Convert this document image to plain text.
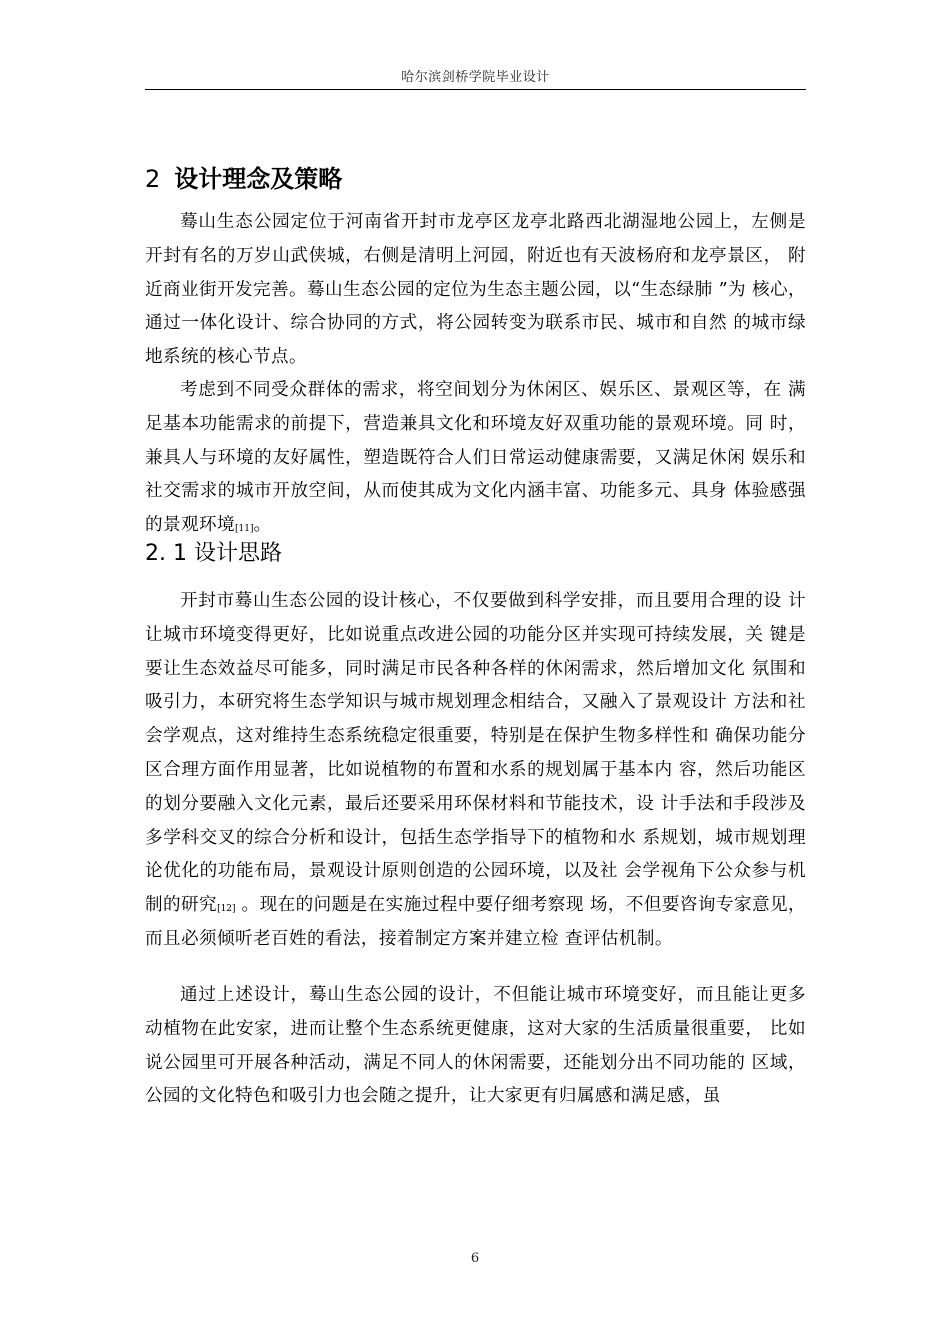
哈尔滨剑桥学院毕业设计
2 设计理念及策略

蓦山生态公园定位于河南省开封市龙亭区龙亭北路西北湖湿地公园上，左侧是开封有名的万岁山武侠城，右侧是清明上河园，附近也有天波杨府和龙亭景区， 附近商业街开发完善。蓦山生态公园的定位为生态主题公园，以“生态绿肺 ”为 核心，通过一体化设计、综合协同的方式，将公园转变为联系市民、城市和自然 的城市绿地系统的核心节点。

考虑到不同受众群体的需求，将空间划分为休闲区、娱乐区、景观区等，在 满足基本功能需求的前提下，营造兼具文化和环境友好双重功能的景观环境。同 时，兼具人与环境的友好属性，塑造既符合人们日常运动健康需要，又满足休闲 娱乐和社交需求的城市开放空间，从而使其成为文化内涵丰富、功能多元、具身 体验感强的景观环境[11]。

2. 1 设计思路

开封市蓦山生态公园的设计核心，不仅要做到科学安排，而且要用合理的设 计让城市环境变得更好，比如说重点改进公园的功能分区并实现可持续发展，关 键是要让生态效益尽可能多，同时满足市民各种各样的休闲需求，然后增加文化 氛围和吸引力，本研究将生态学知识与城市规划理念相结合，又融入了景观设计 方法和社会学观点，这对维持生态系统稳定很重要，特别是在保护生物多样性和 确保功能分区合理方面作用显著，比如说植物的布置和水系的规划属于基本内 容，然后功能区的划分要融入文化元素，最后还要采用环保材料和节能技术，设 计手法和手段涉及多学科交叉的综合分析和设计，包括生态学指导下的植物和水 系规划，城市规划理论优化的功能布局，景观设计原则创造的公园环境，以及社 会学视角下公众参与机制的研究[12] 。现在的问题是在实施过程中要仔细考察现 场，不但要咨询专家意见，而且必须倾听老百姓的看法，接着制定方案并建立检 查评估机制。

通过上述设计，蓦山生态公园的设计，不但能让城市环境变好，而且能让更多动植物在此安家，进而让整个生态系统更健康，这对大家的生活质量很重要， 比如说公园里可开展各种活动，满足不同人的休闲需要，还能划分出不同功能的 区域，公园的文化特色和吸引力也会随之提升，让大家更有归属感和满足感，虽

6
